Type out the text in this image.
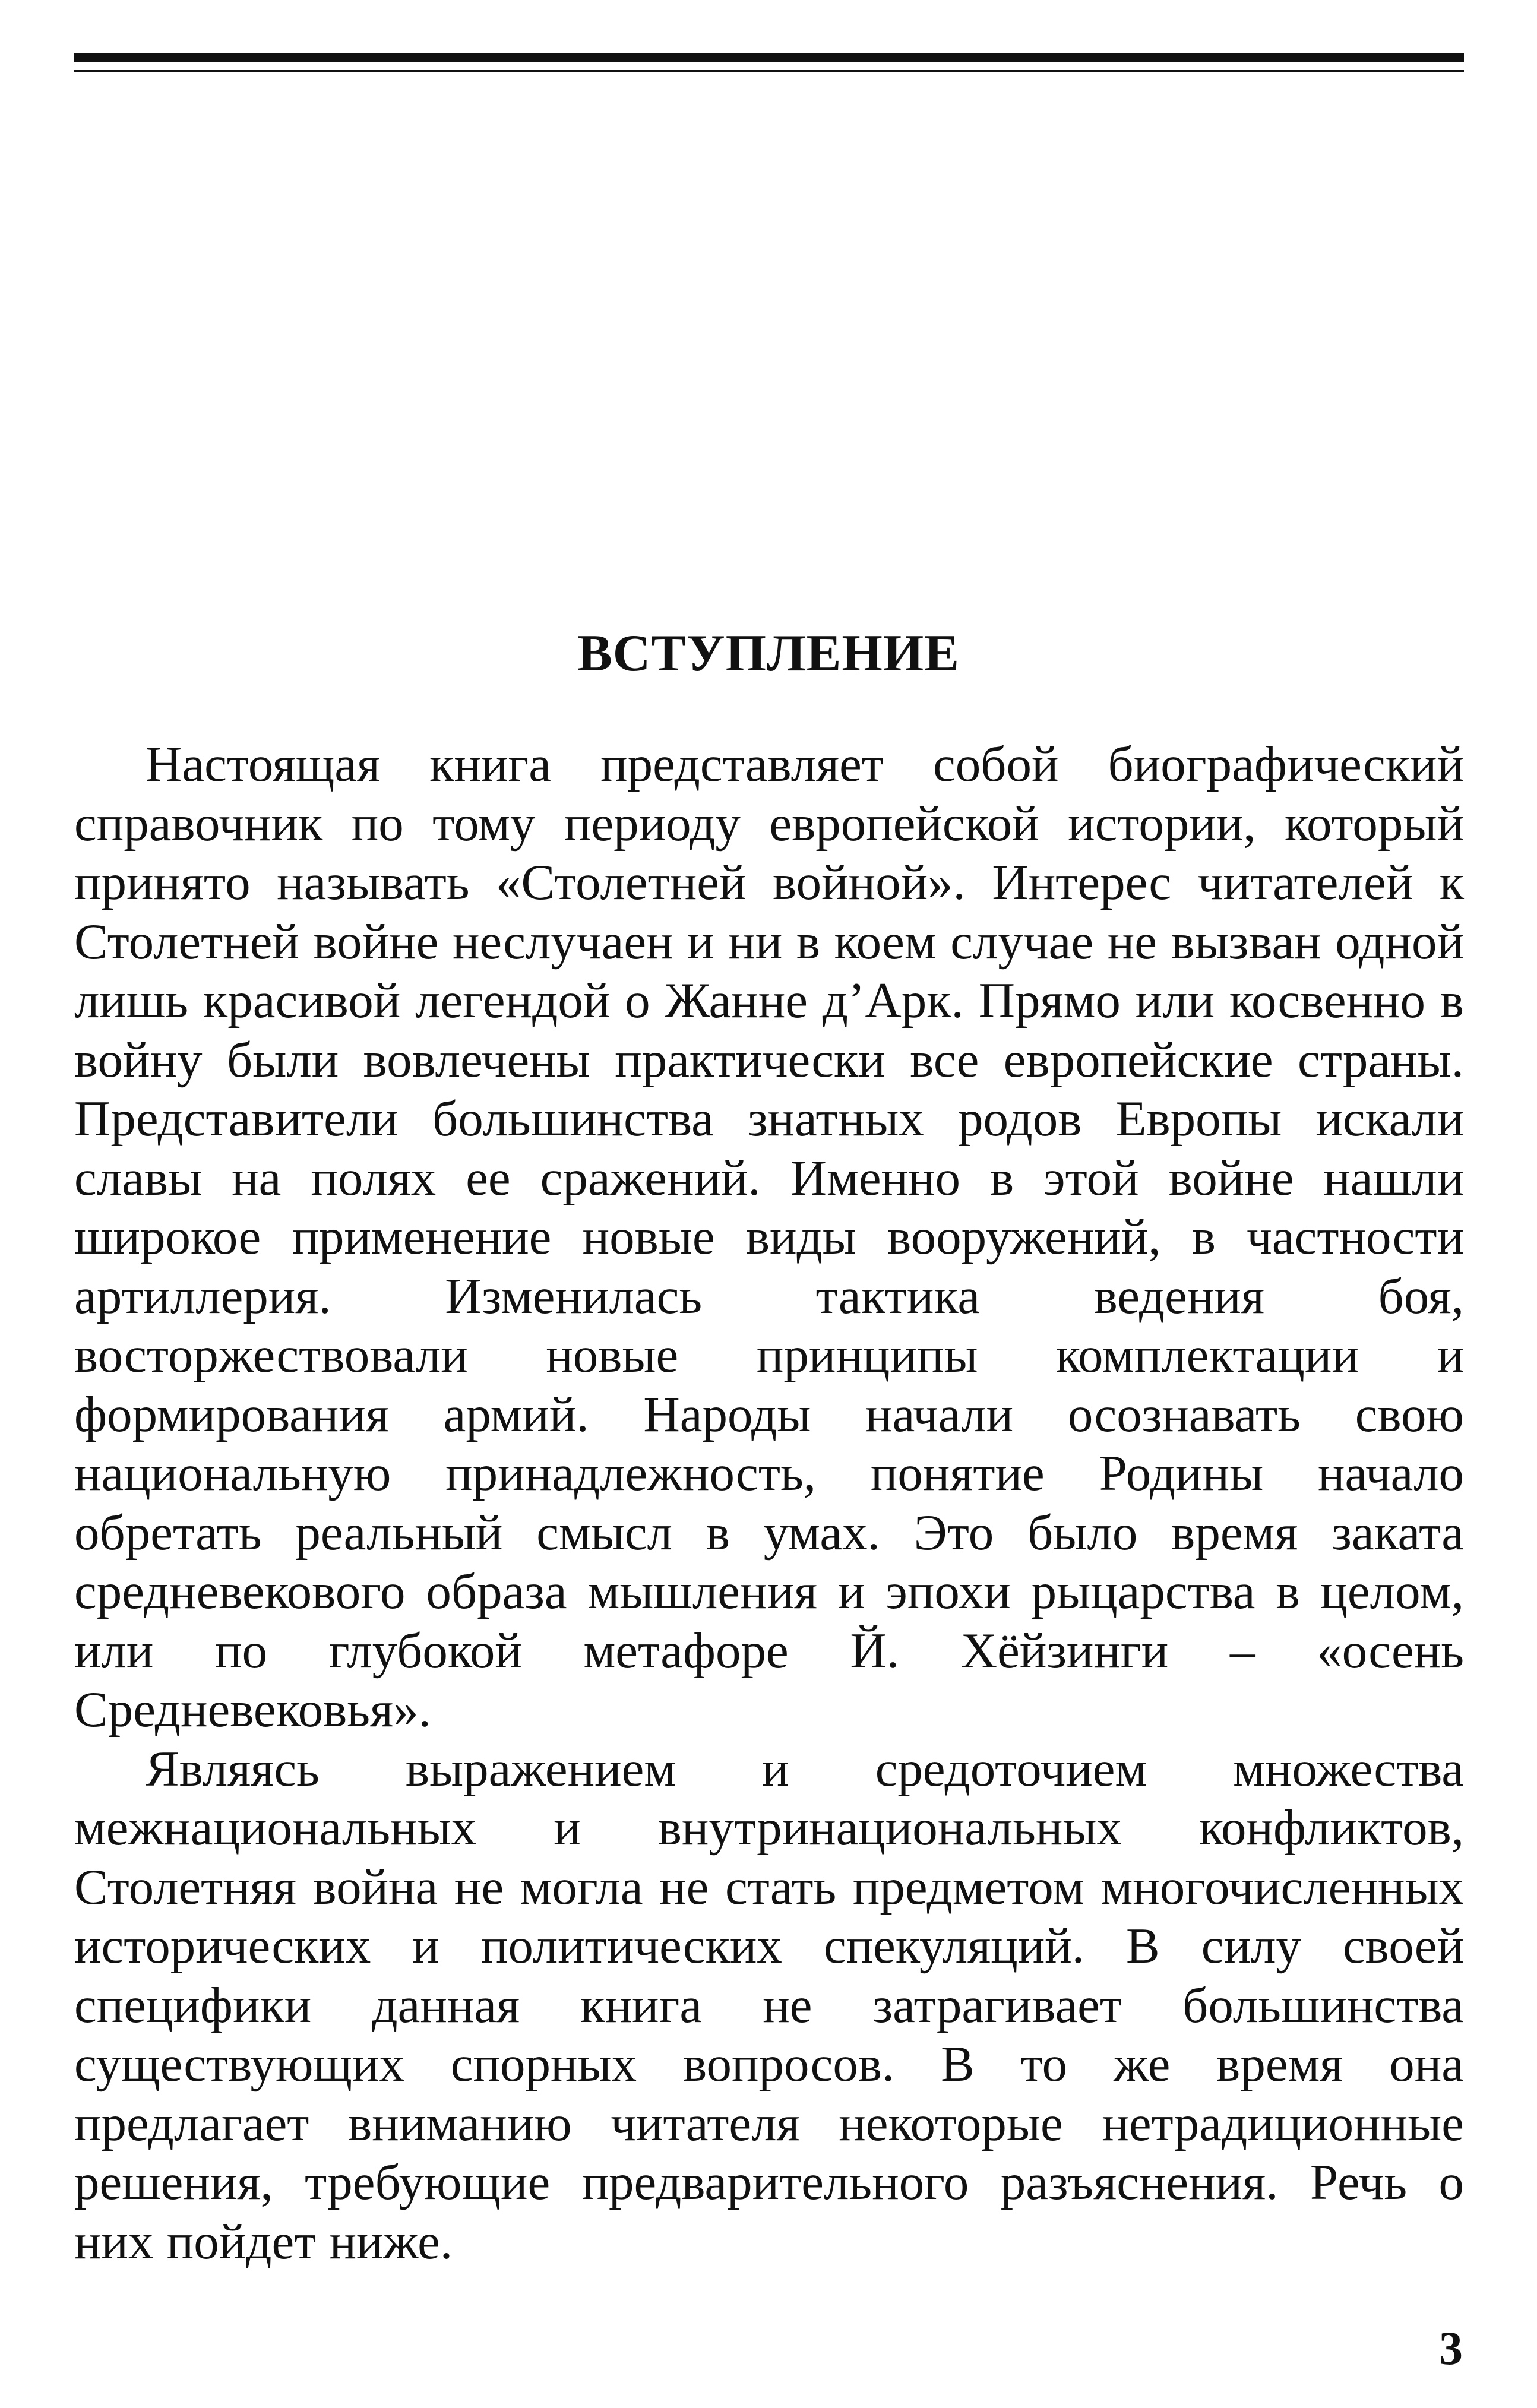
ВСТУПЛЕНИЕ

Настоящая книга представляет собой биографический справочник по тому периоду европейской истории, который принято называть «Столетней войной». Интерес читателей к Столетней войне неслучаен и ни в коем случае не вызван одной лишь красивой легендой о Жанне д’Арк. Прямо или косвенно в войну были вовлечены практически все европейские страны. Представители большинства знатных родов Европы искали славы на полях ее сражений. Именно в этой войне нашли широкое применение новые виды вооружений, в частности артиллерия. Изменилась тактика ведения боя, восторжествовали новые принципы комплектации и формирования армий. Народы начали осознавать свою национальную принадлежность, понятие Родины начало обретать реальный смысл в умах. Это было время заката средневекового образа мышления и эпохи рыцарства в целом, или по глубокой метафоре Й. Хёйзинги – «осень Средневековья».

Являясь выражением и средоточием множества межнациональных и внутринациональных конфликтов, Столетняя война не могла не стать предметом многочисленных исторических и политических спекуляций. В силу своей специфики данная книга не затрагивает большинства существующих спорных вопросов. В то же время она предлагает вниманию читателя некоторые нетрадиционные решения, требующие предварительного разъяснения. Речь о них пойдет ниже.

3
